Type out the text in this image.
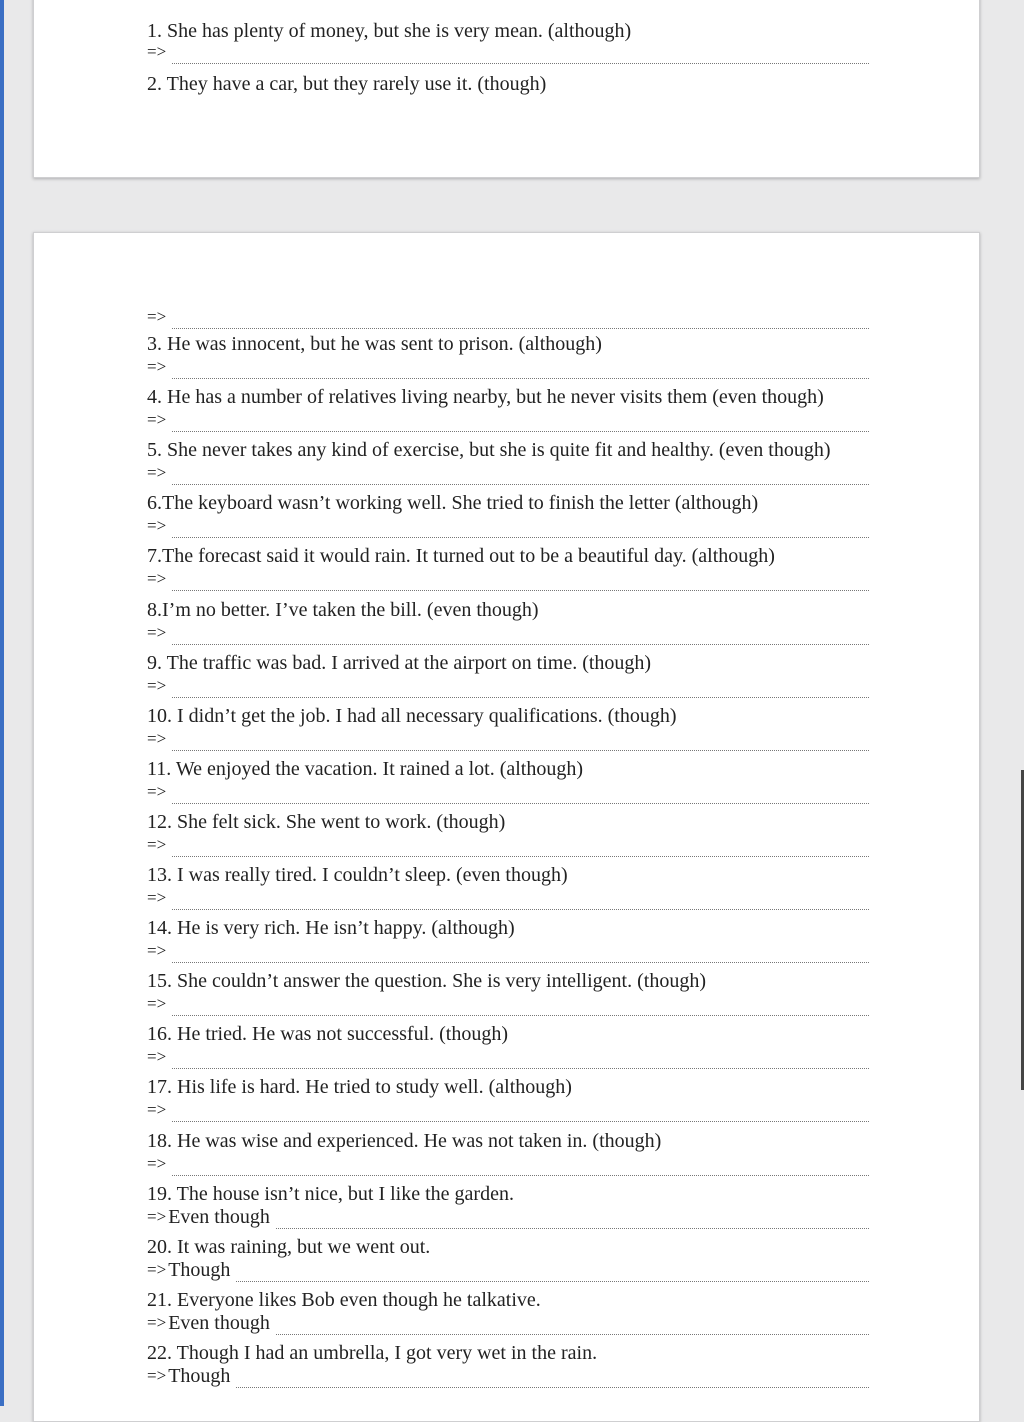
1. She has plenty of money, but she is very mean. (although)
=>
2. They have a car, but they rarely use it. (though)
=>
3. He was innocent, but he was sent to prison. (although)
=>
4. He has a number of relatives living nearby, but he never visits them (even though)
=>
5. She never takes any kind of exercise, but she is quite fit and healthy. (even though)
=>
6.The keyboard wasn’t working well. She tried to finish the letter (although)
=>
7.The forecast said it would rain. It turned out to be a beautiful day. (although)
=>
8.I’m no better. I’ve taken the bill. (even though)
=>
9. The traffic was bad. I arrived at the airport on time. (though)
=>
10. I didn’t get the job. I had all necessary qualifications. (though)
=>
11. We enjoyed the vacation. It rained a lot. (although)
=>
12. She felt sick. She went to work. (though)
=>
13. I was really tired. I couldn’t sleep. (even though)
=>
14. He is very rich. He isn’t happy. (although)
=>
15. She couldn’t answer the question. She is very intelligent. (though)
=>
16. He tried. He was not successful. (though)
=>
17. His life is hard. He tried to study well. (although)
=>
18. He was wise and experienced. He was not taken in. (though)
=>
19. The house isn’t nice, but I like the garden.
=> Even though
20. It was raining, but we went out.
=> Though
21. Everyone likes Bob even though he talkative.
=> Even though
22. Though I had an umbrella, I got very wet in the rain.
=> Though
